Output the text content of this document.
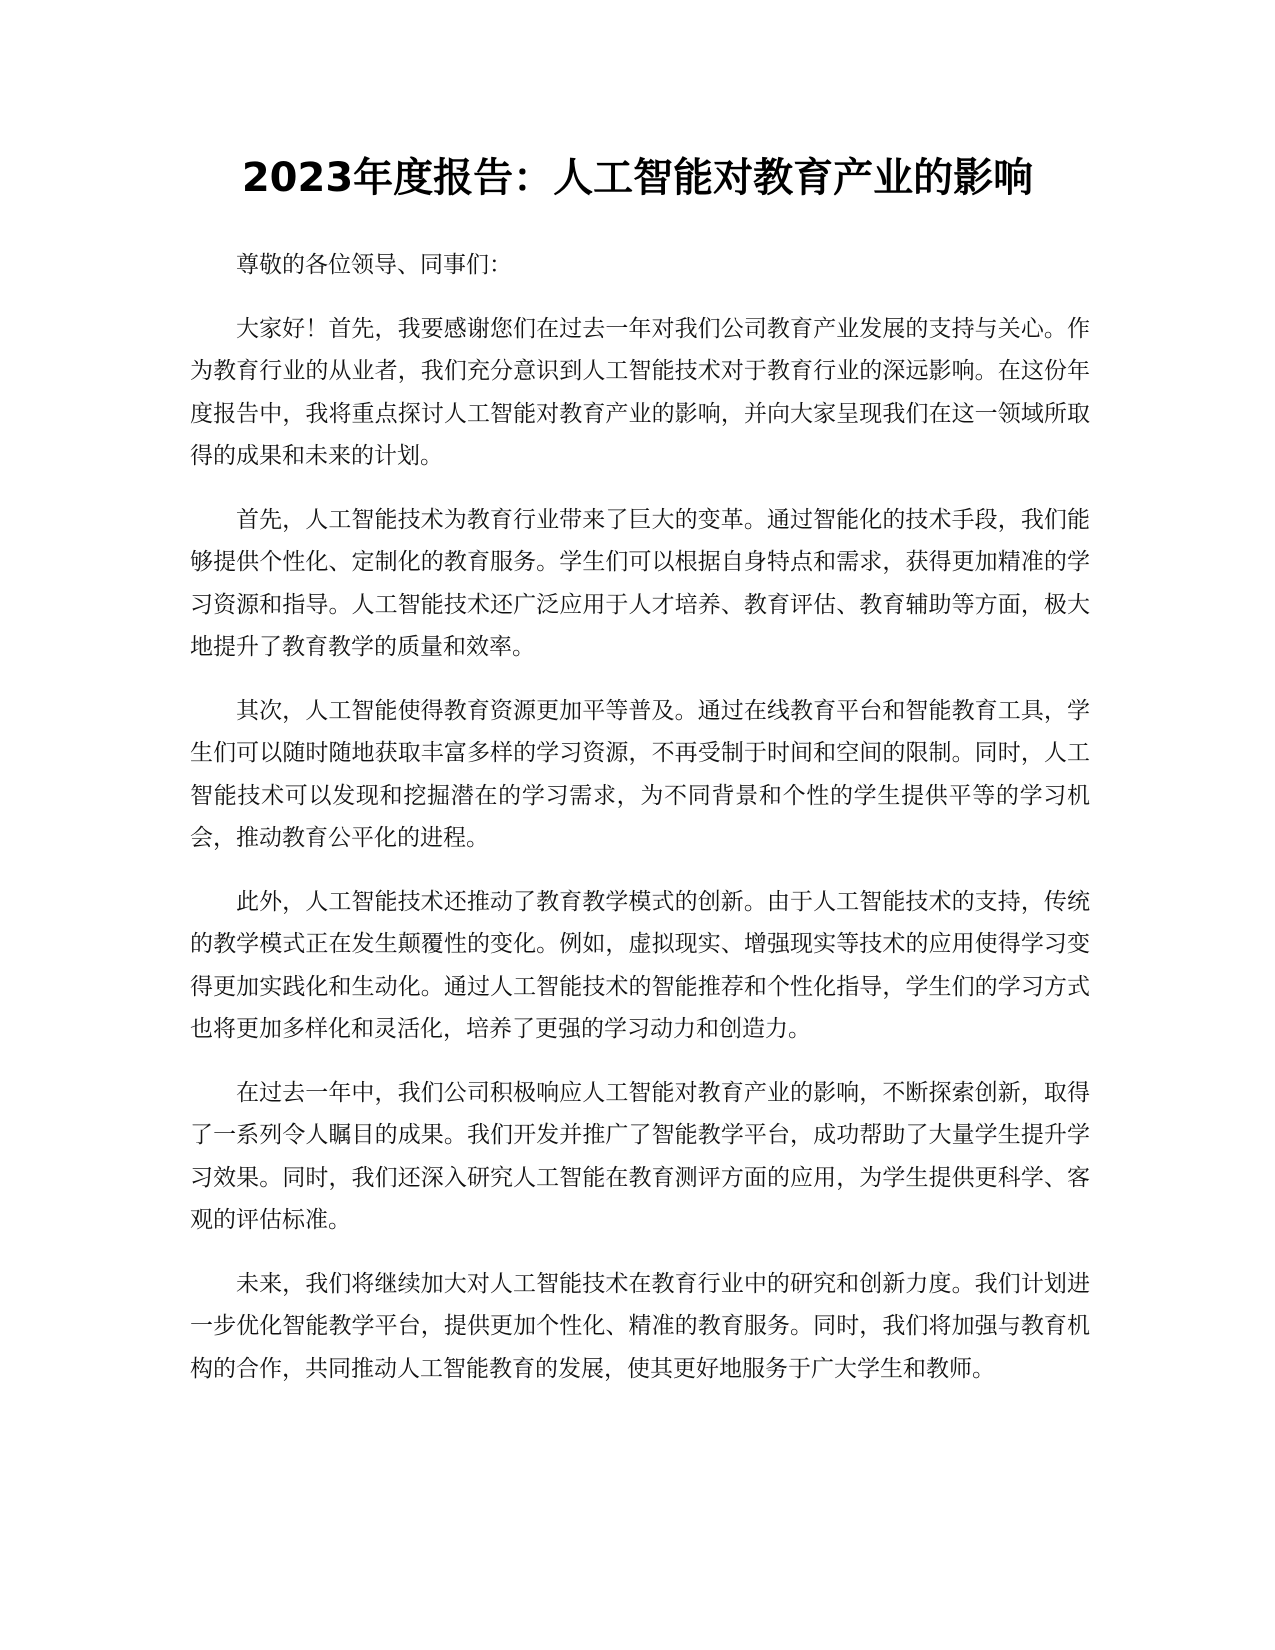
2023年度报告：人工智能对教育产业的影响

尊敬的各位领导、同事们：

大家好！首先，我要感谢您们在过去一年对我们公司教育产业发展的支持与关心。作为教育行业的从业者，我们充分意识到人工智能技术对于教育行业的深远影响。在这份年度报告中，我将重点探讨人工智能对教育产业的影响，并向大家呈现我们在这一领域所取得的成果和未来的计划。

首先，人工智能技术为教育行业带来了巨大的变革。通过智能化的技术手段，我们能够提供个性化、定制化的教育服务。学生们可以根据自身特点和需求，获得更加精准的学习资源和指导。人工智能技术还广泛应用于人才培养、教育评估、教育辅助等方面，极大地提升了教育教学的质量和效率。

其次，人工智能使得教育资源更加平等普及。通过在线教育平台和智能教育工具，学生们可以随时随地获取丰富多样的学习资源，不再受制于时间和空间的限制。同时，人工智能技术可以发现和挖掘潜在的学习需求，为不同背景和个性的学生提供平等的学习机会，推动教育公平化的进程。

此外，人工智能技术还推动了教育教学模式的创新。由于人工智能技术的支持，传统的教学模式正在发生颠覆性的变化。例如，虚拟现实、增强现实等技术的应用使得学习变得更加实践化和生动化。通过人工智能技术的智能推荐和个性化指导，学生们的学习方式也将更加多样化和灵活化，培养了更强的学习动力和创造力。

在过去一年中，我们公司积极响应人工智能对教育产业的影响，不断探索创新，取得了一系列令人瞩目的成果。我们开发并推广了智能教学平台，成功帮助了大量学生提升学习效果。同时，我们还深入研究人工智能在教育测评方面的应用，为学生提供更科学、客观的评估标准。

未来，我们将继续加大对人工智能技术在教育行业中的研究和创新力度。我们计划进一步优化智能教学平台，提供更加个性化、精准的教育服务。同时，我们将加强与教育机构的合作，共同推动人工智能教育的发展，使其更好地服务于广大学生和教师。
